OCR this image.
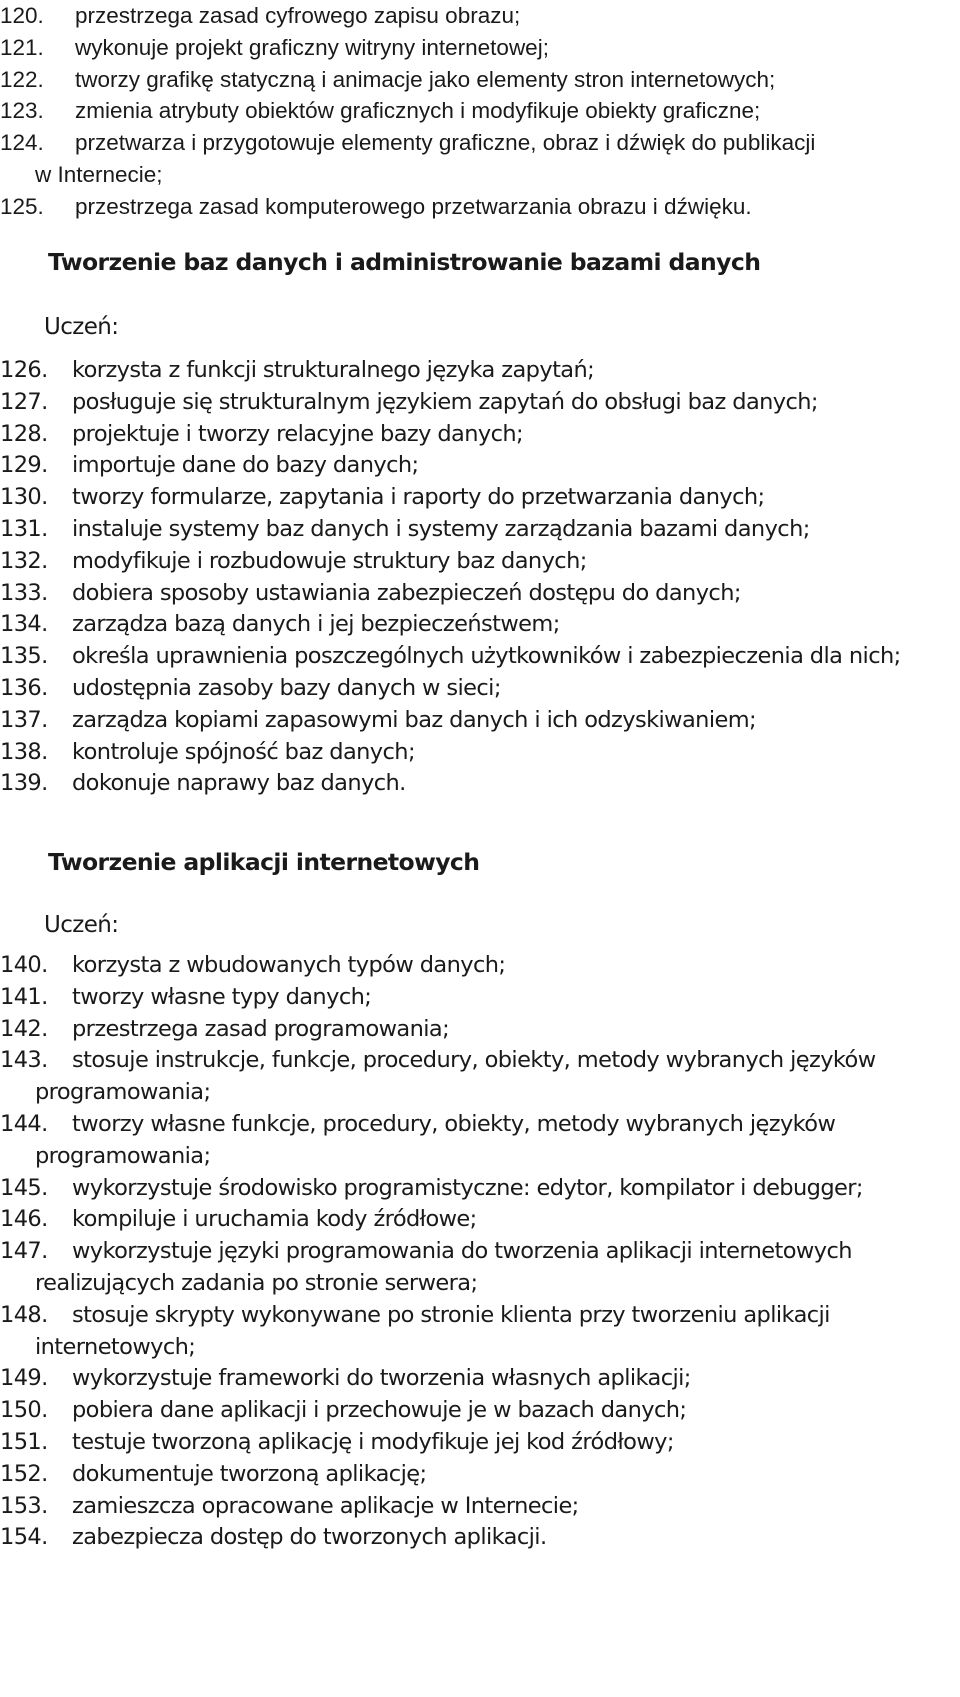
120. przestrzega zasad cyfrowego zapisu obrazu;
121. wykonuje projekt graficzny witryny internetowej;
122. tworzy grafikę statyczną i animacje jako elementy stron internetowych;
123. zmienia atrybuty obiektów graficznych i modyfikuje obiekty graficzne;
124. przetwarza i przygotowuje elementy graficzne, obraz i dźwięk do publikacji
w Internecie;
125. przestrzega zasad komputerowego przetwarzania obrazu i dźwięku.
Tworzenie baz danych i administrowanie bazami danych

Uczeń:

126. korzysta z funkcji strukturalnego języka zapytań;
127. posługuje się strukturalnym językiem zapytań do obsługi baz danych;
128. projektuje i tworzy relacyjne bazy danych;
129. importuje dane do bazy danych;
130. tworzy formularze, zapytania i raporty do przetwarzania danych;
131. instaluje systemy baz danych i systemy zarządzania bazami danych;
132. modyfikuje i rozbudowuje struktury baz danych;
133. dobiera sposoby ustawiania zabezpieczeń dostępu do danych;
134. zarządza bazą danych i jej bezpieczeństwem;
135. określa uprawnienia poszczególnych użytkowników i zabezpieczenia dla nich;
136. udostępnia zasoby bazy danych w sieci;
137. zarządza kopiami zapasowymi baz danych i ich odzyskiwaniem;
138. kontroluje spójność baz danych;
139. dokonuje naprawy baz danych.
Tworzenie aplikacji internetowych

Uczeń:

140. korzysta z wbudowanych typów danych;
141. tworzy własne typy danych;
142. przestrzega zasad programowania;
143. stosuje instrukcje, funkcje, procedury, obiekty, metody wybranych języków
programowania;
144. tworzy własne funkcje, procedury, obiekty, metody wybranych języków
programowania;
145. wykorzystuje środowisko programistyczne: edytor, kompilator i debugger;
146. kompiluje i uruchamia kody źródłowe;
147. wykorzystuje języki programowania do tworzenia aplikacji internetowych
realizujących zadania po stronie serwera;
148. stosuje skrypty wykonywane po stronie klienta przy tworzeniu aplikacji
internetowych;
149. wykorzystuje frameworki do tworzenia własnych aplikacji;
150. pobiera dane aplikacji i przechowuje je w bazach danych;
151. testuje tworzoną aplikację i modyfikuje jej kod źródłowy;
152. dokumentuje tworzoną aplikację;
153. zamieszcza opracowane aplikacje w Internecie;
154. zabezpiecza dostęp do tworzonych aplikacji.
